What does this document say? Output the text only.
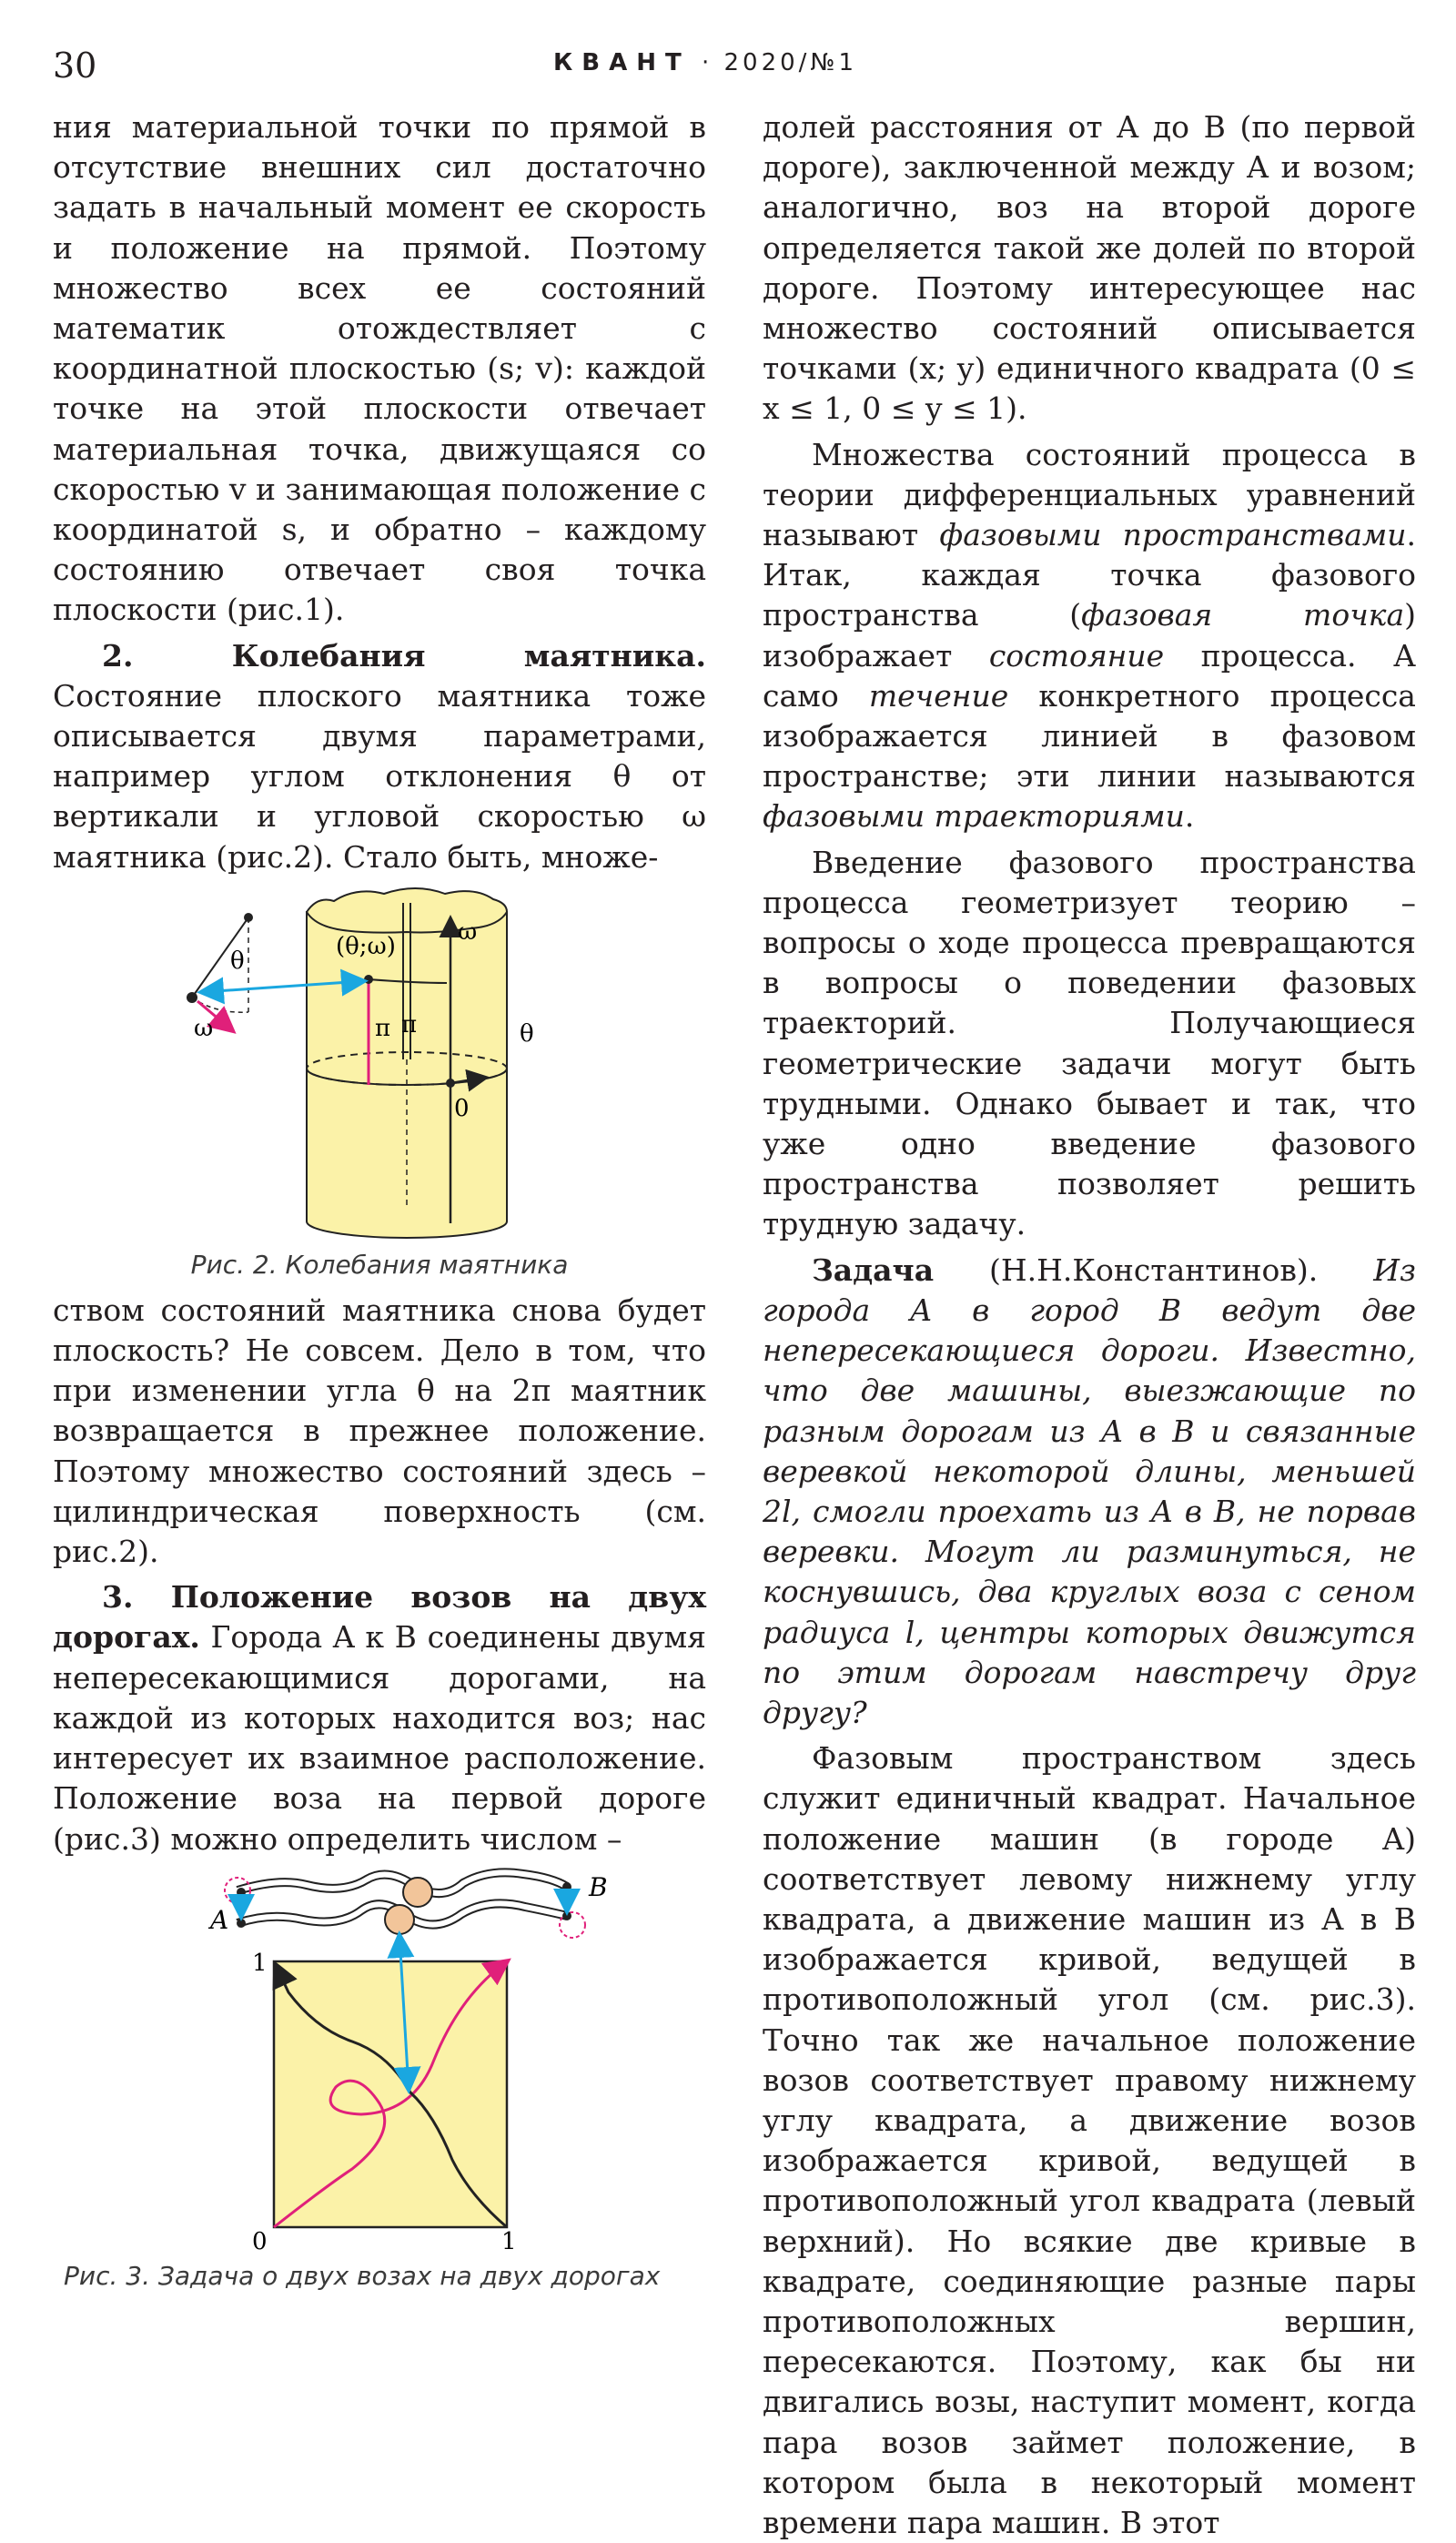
30	КВАНТ · 2020/№1

ния материальной точки по прямой в отсутствие внешних сил достаточно задать в начальный момент ее скорость и положение на прямой. Поэтому множество всех ее состояний математик отождествляет с координатной плоскостью (s; v): каждой точке на этой плоскости отвечает материальная точка, движущаяся со скоростью v и занимающая положение с координатой s, и обратно – каждому состоянию отвечает своя точка плоскости (рис.1).

2. Колебания маятника. Состояние плоского маятника тоже описывается двумя параметрами, например углом отклонения θ от вертикали и угловой скоростью ω маятника (рис.2). Стало быть, множе-

(θ;ω)
π π
ω
θ
0
θ
ω
Рис. 2. Колебания маятника

ством состояний маятника снова будет плоскость? Не совсем. Дело в том, что при изменении угла θ на 2π маятник возвращается в прежнее положение. Поэтому множество состояний здесь – цилиндрическая поверхность (см. рис.2).

3. Положение возов на двух дорогах. Города A к B соединены двумя непересекающимися дорогами, на каждой из которых находится воз; нас интересует их взаимное расположение. Положение воза на первой дороге (рис.3) можно определить числом –

A
B
1
0	1
Рис. 3. Задача о двух возах на двух дорогах

долей расстояния от A до B (по первой дороге), заключенной между A и возом; аналогично, воз на второй дороге определяется такой же долей по второй дороге. Поэтому интересующее нас множество состояний описывается точками (x; y) единичного квадрата (0 ≤ x ≤ 1, 0 ≤ y ≤ 1).

Множества состояний процесса в теории дифференциальных уравнений называют фазовыми пространствами. Итак, каждая точка фазового пространства (фазовая точка) изображает состояние процесса. А само течение конкретного процесса изображается линией в фазовом пространстве; эти линии называются фазовыми траекториями.

Введение фазового пространства процесса геометризует теорию – вопросы о ходе процесса превращаются в вопросы о поведении фазовых траекторий. Получающиеся геометрические задачи могут быть трудными. Однако бывает и так, что уже одно введение фазового пространства позволяет решить трудную задачу.

Задача (Н.Н.Константинов). Из города A в город B ведут две непересекающиеся дороги. Известно, что две машины, выезжающие по разным дорогам из A в B и связанные веревкой некоторой длины, меньшей 2l, смогли проехать из A в B, не порвав веревки. Могут ли разминуться, не коснувшись, два круглых воза с сеном радиуса l, центры которых движутся по этим дорогам навстречу друг другу?

Фазовым пространством здесь служит единичный квадрат. Начальное положение машин (в городе A) соответствует левому нижнему углу квадрата, а движение машин из A в B изображается кривой, ведущей в противоположный угол (см. рис.3). Точно так же начальное положение возов соответствует правому нижнему углу квадрата, а движение возов изображается кривой, ведущей в противоположный угол квадрата (левый верхний). Но всякие две кривые в квадрате, соединяющие разные пары противоположных вершин, пересекаются. Поэтому, как бы ни двигались возы, наступит момент, когда пара возов займет положение, в котором была в некоторый момент времени пара машин. В этот
